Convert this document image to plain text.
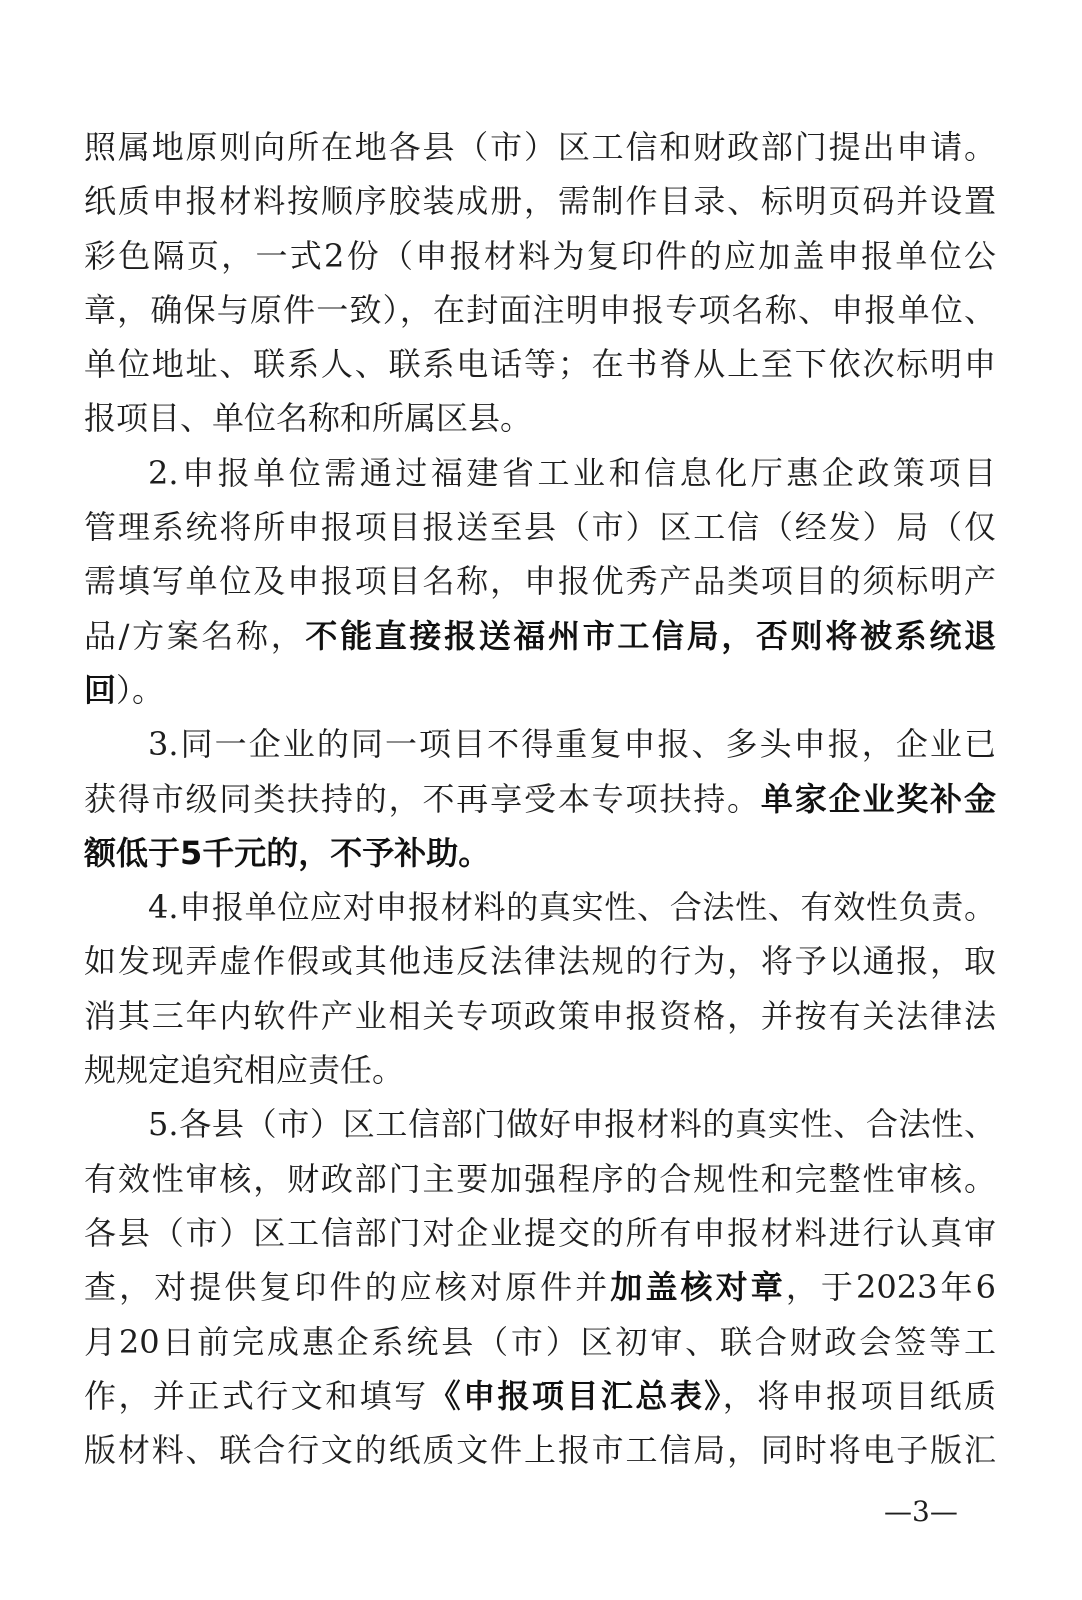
照属地原则向所在地各县（市）区工信和财政部门提出申请。
纸质申报材料按顺序胶装成册，需制作目录、标明页码并设置
彩色隔页，一式2份（申报材料为复印件的应加盖申报单位公
章，确保与原件一致），在封面注明申报专项名称、申报单位、
单位地址、联系人、联系电话等；在书脊从上至下依次标明申
报项目、单位名称和所属区县。
2.申报单位需通过福建省工业和信息化厅惠企政策项目
管理系统将所申报项目报送至县（市）区工信（经发）局（仅
需填写单位及申报项目名称，申报优秀产品类项目的须标明产
品/方案名称，不能直接报送福州市工信局，否则将被系统退
回）。
3.同一企业的同一项目不得重复申报、多头申报，企业已
获得市级同类扶持的，不再享受本专项扶持。单家企业奖补金
额低于5千元的，不予补助。
4.申报单位应对申报材料的真实性、合法性、有效性负责。
如发现弄虚作假或其他违反法律法规的行为，将予以通报，取
消其三年内软件产业相关专项政策申报资格，并按有关法律法
规规定追究相应责任。
5.各县（市）区工信部门做好申报材料的真实性、合法性、
有效性审核，财政部门主要加强程序的合规性和完整性审核。
各县（市）区工信部门对企业提交的所有申报材料进行认真审
查，对提供复印件的应核对原件并加盖核对章，于2023年6
月20日前完成惠企系统县（市）区初审、联合财政会签等工
作，并正式行文和填写《申报项目汇总表》，将申报项目纸质
版材料、联合行文的纸质文件上报市工信局，同时将电子版汇
—3—
